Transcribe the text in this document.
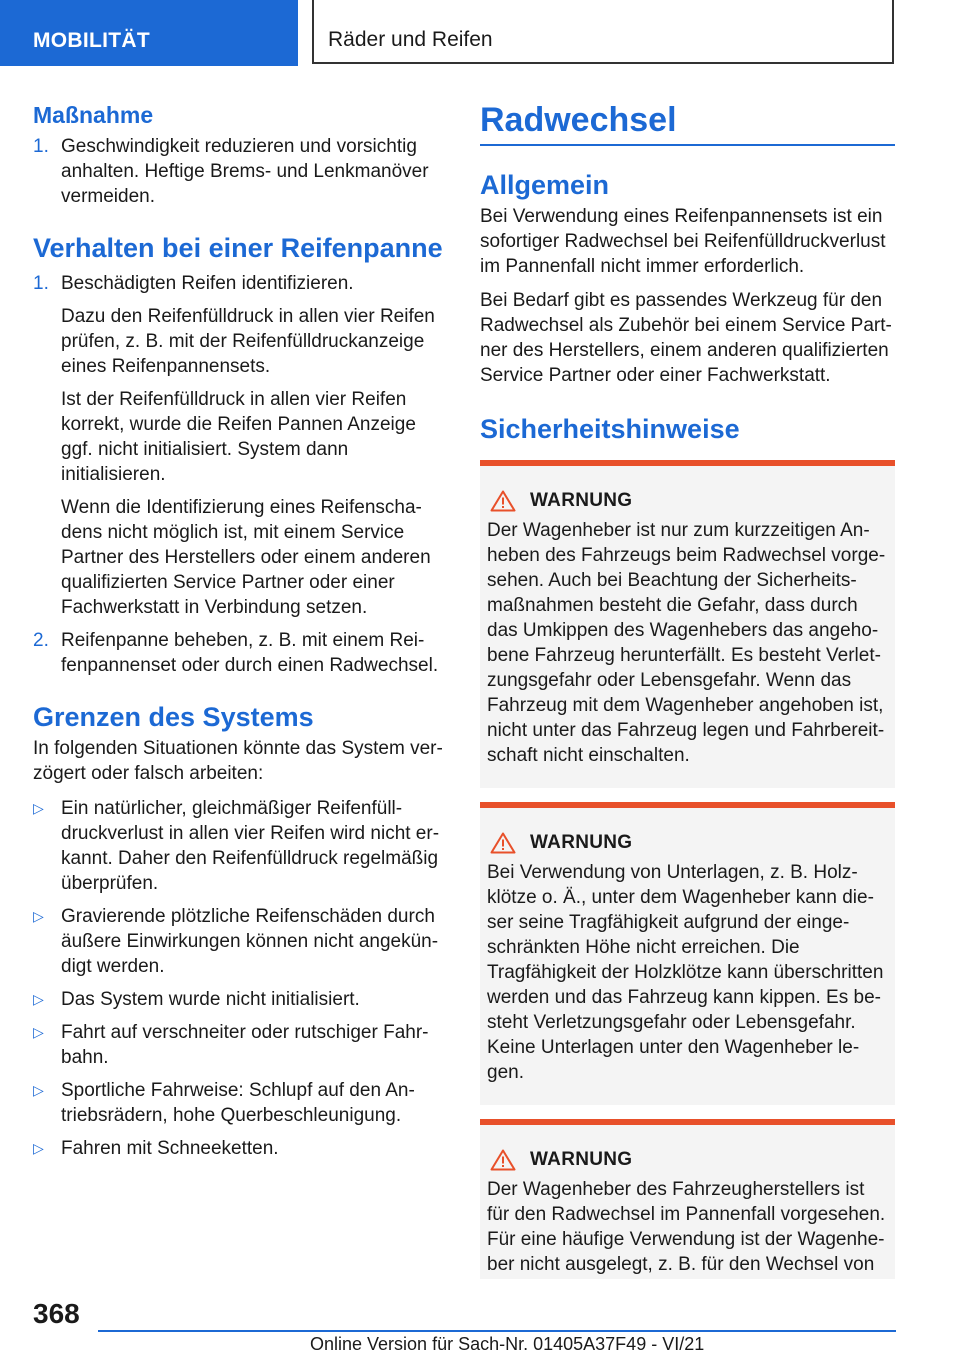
MOBILITÄT	Räder und Reifen
Maßnahme
1. Geschwindigkeit reduzieren und vorsichtig anhalten. Heftige Brems- und Lenkmanöver vermeiden.

Verhalten bei einer Reifenpanne
1. Beschädigten Reifen identifizieren.

Dazu den Reifenfülldruck in allen vier Reifen prüfen, z. B. mit der Reifenfülldruckanzeige eines Reifenpannensets.

Ist der Reifenfülldruck in allen vier Reifen korrekt, wurde die Reifen Pannen Anzeige ggf. nicht initialisiert. System dann initialisieren.

Wenn die Identifizierung eines Reifenschadens nicht möglich ist, mit einem Service Partner des Herstellers oder einem anderen qualifizierten Service Partner oder einer Fachwerkstatt in Verbindung setzen.

2. Reifenpanne beheben, z. B. mit einem Reifenpannenset oder durch einen Radwechsel.

Grenzen des Systems

In folgenden Situationen könnte das System verzögert oder falsch arbeiten:

▷ Ein natürlicher, gleichmäßiger Reifenfülldruckverlust in allen vier Reifen wird nicht erkannt. Daher den Reifenfülldruck regelmäßig überprüfen.

▷ Gravierende plötzliche Reifenschäden durch äußere Einwirkungen können nicht angekündigt werden.

▷ Das System wurde nicht initialisiert.

▷ Fahrt auf verschneiter oder rutschiger Fahrbahn.

▷ Sportliche Fahrweise: Schlupf auf den Antriebsrädern, hohe Querbeschleunigung.

▷ Fahren mit Schneeketten.

Radwechsel
Allgemein

Bei Verwendung eines Reifenpannensets ist ein sofortiger Radwechsel bei Reifenfülldruckverlust im Pannenfall nicht immer erforderlich.

Bei Bedarf gibt es passendes Werkzeug für den Radwechsel als Zubehör bei einem Service Partner des Herstellers, einem anderen qualifizierten Service Partner oder einer Fachwerkstatt.

Sicherheitshinweise
WARNUNG

Der Wagenheber ist nur zum kurzzeitigen Anheben des Fahrzeugs beim Radwechsel vorgesehen. Auch bei Beachtung der Sicherheitsmaßnahmen besteht die Gefahr, dass durch das Umkippen des Wagenhebers das angehobene Fahrzeug herunterfällt. Es besteht Verletzungsgefahr oder Lebensgefahr. Wenn das Fahrzeug mit dem Wagenheber angehoben ist, nicht unter das Fahrzeug legen und Fahrbereitschaft nicht einschalten.

WARNUNG

Bei Verwendung von Unterlagen, z. B. Holzklötze o. Ä., unter dem Wagenheber kann dieser seine Tragfähigkeit aufgrund der eingeschränkten Höhe nicht erreichen. Die Tragfähigkeit der Holzklötze kann überschritten werden und das Fahrzeug kann kippen. Es besteht Verletzungsgefahr oder Lebensgefahr. Keine Unterlagen unter den Wagenheber legen.

WARNUNG

Der Wagenheber des Fahrzeugherstellers ist für den Radwechsel im Pannenfall vorgesehen. Für eine häufige Verwendung ist der Wagenheber nicht ausgelegt, z. B. für den Wechsel von

368
Online Version für Sach-Nr. 01405A37F49 - VI/21
